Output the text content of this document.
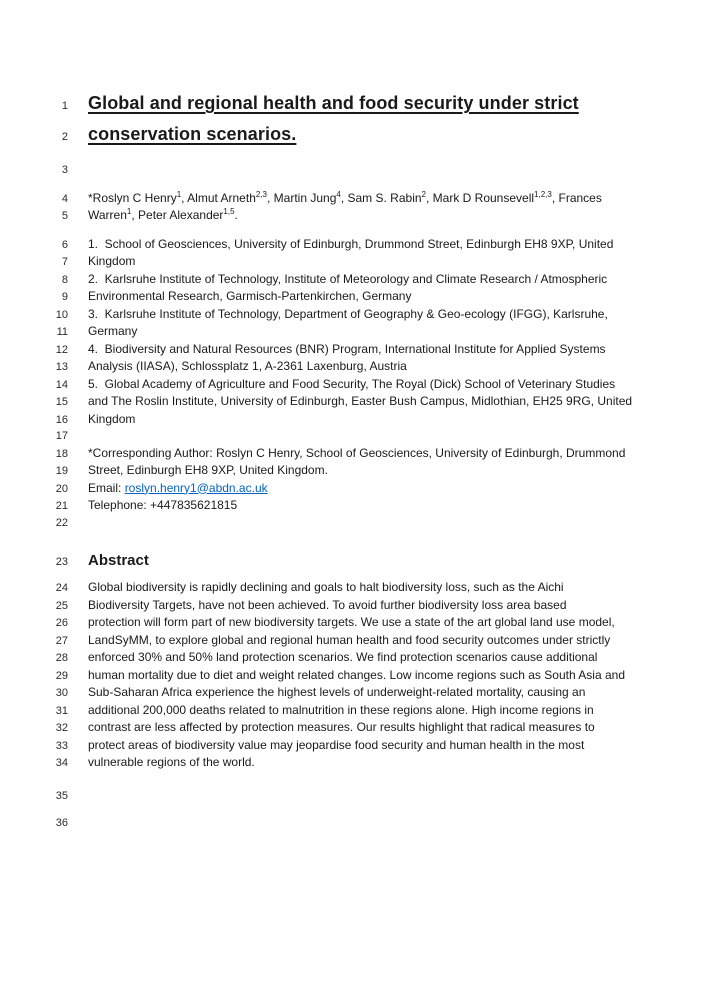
1 Global and regional health and food security under strict
2 conservation scenarios.
3
4 *Roslyn C Henry$^1$, Almut Arneth$^{2,3}$, Martin Jung$^4$, Sam S. Rabin$^2$, Mark D Rounsevell$^{1,2,3}$, Frances
5 Warren$^1$, Peter Alexander$^{1,5}$.
6 1.  School of Geosciences, University of Edinburgh, Drummond Street, Edinburgh EH8 9XP, United
7 Kingdom
8 2.  Karlsruhe Institute of Technology, Institute of Meteorology and Climate Research / Atmospheric
9 Environmental Research, Garmisch-Partenkirchen, Germany
10 3.  Karlsruhe Institute of Technology, Department of Geography & Geo-ecology (IFGG), Karlsruhe,
11 Germany
12 4.  Biodiversity and Natural Resources (BNR) Program, International Institute for Applied Systems
13 Analysis (IIASA), Schlossplatz 1, A-2361 Laxenburg, Austria
14 5.  Global Academy of Agriculture and Food Security, The Royal (Dick) School of Veterinary Studies
15 and The Roslin Institute, University of Edinburgh, Easter Bush Campus, Midlothian, EH25 9RG, United
16 Kingdom
17
18 *Corresponding Author: Roslyn C Henry, School of Geosciences, University of Edinburgh, Drummond
19 Street, Edinburgh EH8 9XP, United Kingdom.
20 Email: roslyn.henry1@abdn.ac.uk
21 Telephone: +447835621815
22
23 Abstract
24 Global biodiversity is rapidly declining and goals to halt biodiversity loss, such as the Aichi
25 Biodiversity Targets, have not been achieved. To avoid further biodiversity loss area based
26 protection will form part of new biodiversity targets. We use a state of the art global land use model,
27 LandSyMM, to explore global and regional human health and food security outcomes under strictly
28 enforced 30% and 50% land protection scenarios. We find protection scenarios cause additional
29 human mortality due to diet and weight related changes. Low income regions such as South Asia and
30 Sub-Saharan Africa experience the highest levels of underweight-related mortality, causing an
31 additional 200,000 deaths related to malnutrition in these regions alone. High income regions in
32 contrast are less affected by protection measures. Our results highlight that radical measures to
33 protect areas of biodiversity value may jeopardise food security and human health in the most
34 vulnerable regions of the world.
35
36
